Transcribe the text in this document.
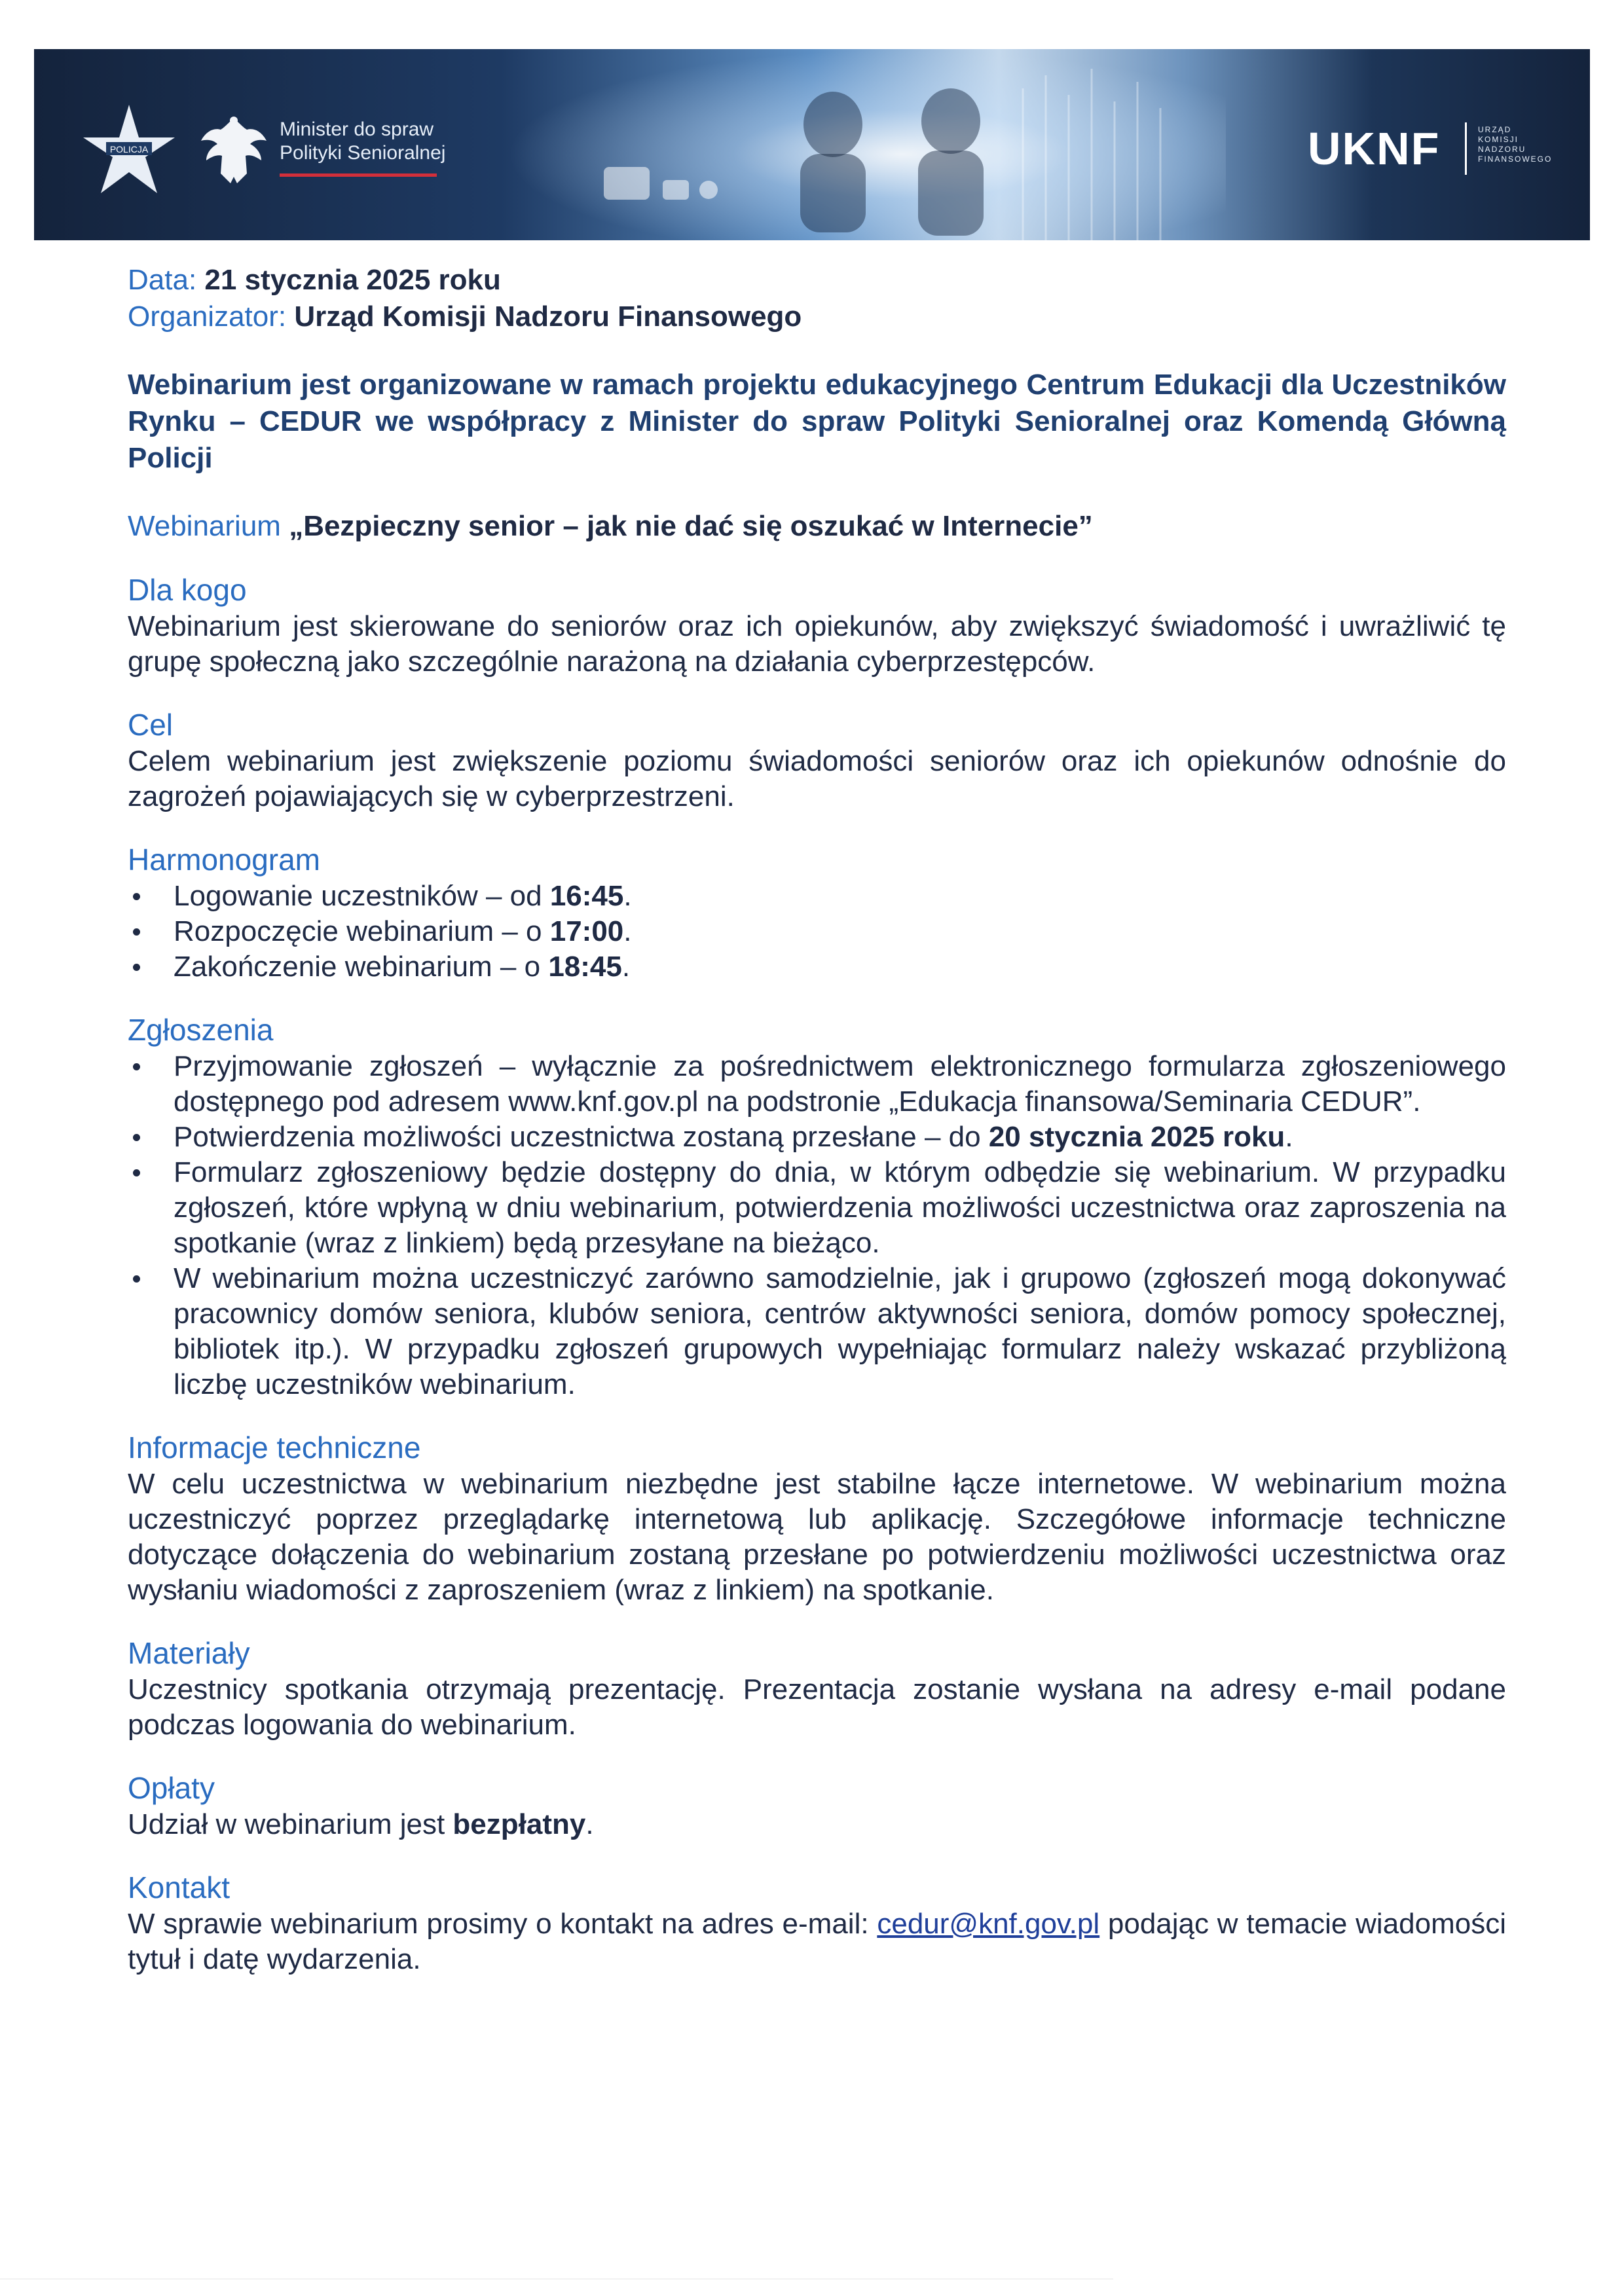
POLICJA
Minister do spraw
Polityki Senioralnej	UKNF	URZĄD
KOMISJI
NADZORU
FINANSOWEGO
Data: 21 stycznia 2025 roku
Organizator: Urząd Komisji Nadzoru Finansowego
Webinarium jest organizowane w ramach projektu edukacyjnego Centrum Edukacji dla Uczestników Rynku – CEDUR we współpracy z Minister do spraw Polityki Senioralnej oraz Komendą Główną Policji
Webinarium „Bezpieczny senior – jak nie dać się oszukać w Internecie”
Dla kogo
Webinarium jest skierowane do seniorów oraz ich opiekunów, aby zwiększyć świadomość i uwrażliwić tę grupę społeczną jako szczególnie narażoną na działania cyberprzestępców.
Cel
Celem webinarium jest zwiększenie poziomu świadomości seniorów oraz ich opiekunów odnośnie do zagrożeń pojawiających się w cyberprzestrzeni.
Harmonogram
Logowanie uczestników – od 16:45.
Rozpoczęcie webinarium – o 17:00.
Zakończenie webinarium – o 18:45.
Zgłoszenia
Przyjmowanie zgłoszeń – wyłącznie za pośrednictwem elektronicznego formularza zgłoszeniowego dostępnego pod adresem www.knf.gov.pl na podstronie „Edukacja finansowa/Seminaria CEDUR”.
Potwierdzenia możliwości uczestnictwa zostaną przesłane – do 20 stycznia 2025 roku.
Formularz zgłoszeniowy będzie dostępny do dnia, w którym odbędzie się webinarium. W przypadku zgłoszeń, które wpłyną w dniu webinarium, potwierdzenia możliwości uczestnictwa oraz zaproszenia na spotkanie (wraz z linkiem) będą przesyłane na bieżąco.
W webinarium można uczestniczyć zarówno samodzielnie, jak i grupowo (zgłoszeń mogą dokonywać pracownicy domów seniora, klubów seniora, centrów aktywności seniora, domów pomocy społecznej, bibliotek itp.). W przypadku zgłoszeń grupowych wypełniając formularz należy wskazać przybliżoną liczbę uczestników webinarium.
Informacje techniczne
W celu uczestnictwa w webinarium niezbędne jest stabilne łącze internetowe. W webinarium można uczestniczyć poprzez przeglądarkę internetową lub aplikację. Szczegółowe informacje techniczne dotyczące dołączenia do webinarium zostaną przesłane po potwierdzeniu możliwości uczestnictwa oraz wysłaniu wiadomości z zaproszeniem (wraz z linkiem) na spotkanie.
Materiały
Uczestnicy spotkania otrzymają prezentację. Prezentacja zostanie wysłana na adresy e-mail podane podczas logowania do webinarium.
Opłaty
Udział w webinarium jest bezpłatny.
Kontakt
W sprawie webinarium prosimy o kontakt na adres e-mail: cedur@knf.gov.pl podając w temacie wiadomości tytuł i datę wydarzenia.
